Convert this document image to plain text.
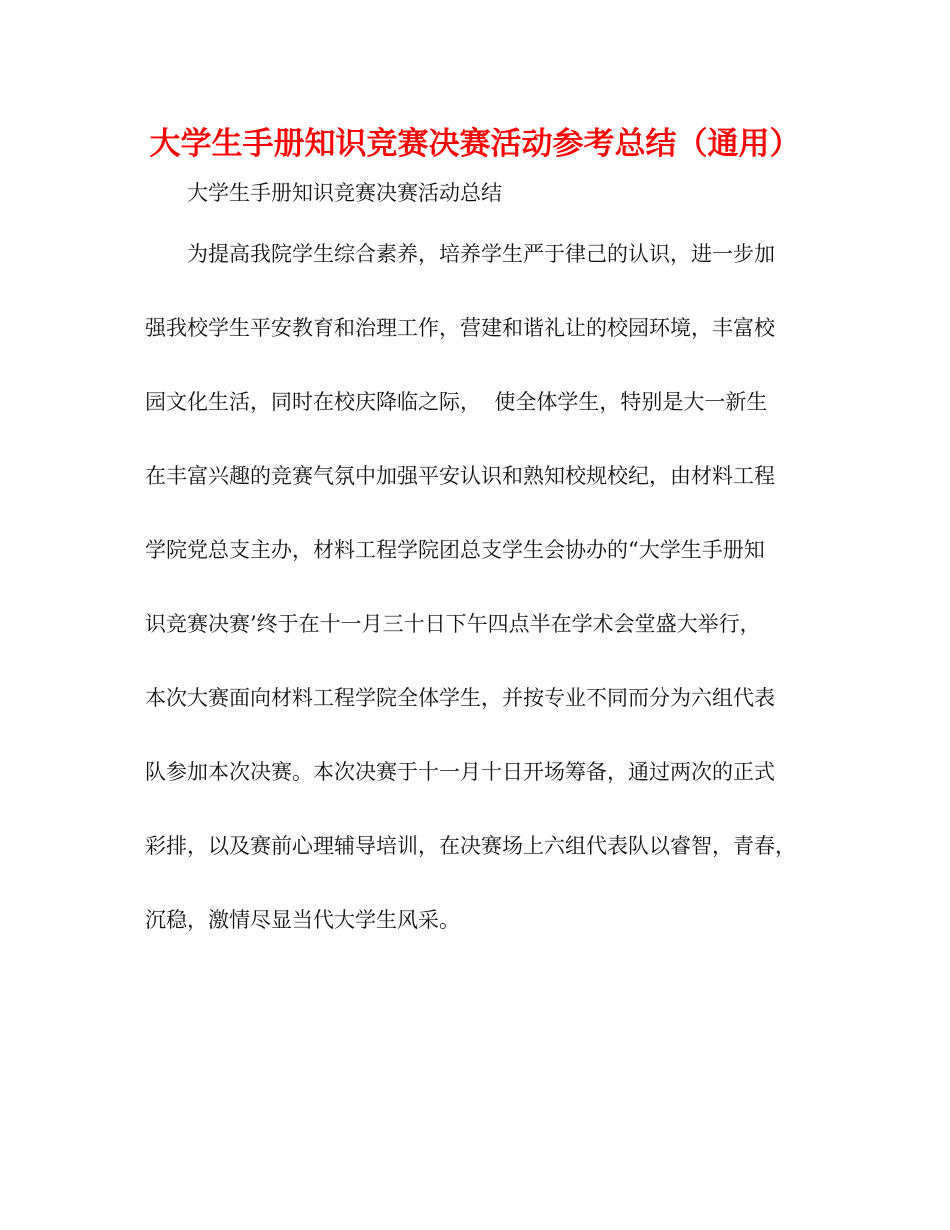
大学生手册知识竞赛决赛活动参考总结（通用）

大学生手册知识竞赛决赛活动总结

为提高我院学生综合素养，培养学生严于律己的认识，进一步加

强我校学生平安教育和治理工作，营建和谐礼让的校园环境，丰富校

园文化生活，同时在校庆降临之际，  使全体学生，特别是大一新生

在丰富兴趣的竞赛气氛中加强平安认识和熟知校规校纪，由材料工程

学院党总支主办，材料工程学院团总支学生会协办的“大学生手册知

识竞赛决赛’终于在十一月三十日下午四点半在学术会堂盛大举行，

本次大赛面向材料工程学院全体学生，并按专业不同而分为六组代表

队参加本次决赛。本次决赛于十一月十日开场筹备，通过两次的正式

彩排，以及赛前心理辅导培训，在决赛场上六组代表队以睿智，青春，

沉稳，激情尽显当代大学生风采。
